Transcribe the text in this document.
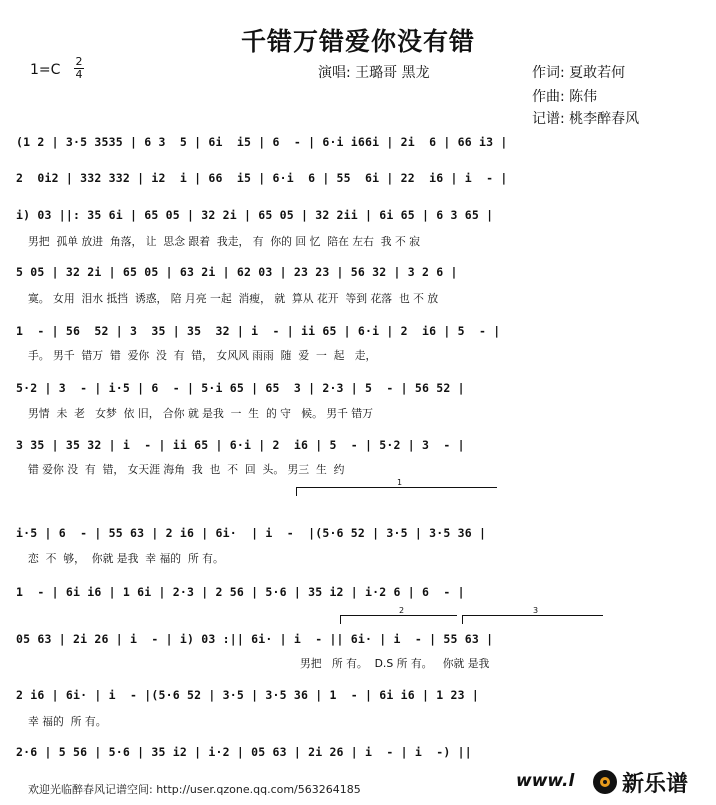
千错万错爱你没有错
1=C
2
4	演唱: 王璐哥 黑龙	作词: 夏敢若何
作曲: 陈伟
记谱: 桃李醉春风
(1 2 | 3·5 3535 | 6 3  5 | 6i  i5 | 6  - | 6·i i66i | 2i  6 | 66 i3 |
2  0i2 | 332 332 | i2  i | 66  i5 | 6·i  6 | 55  6i | 22  i6 | i  - |
i) 03 ||: 35 6i | 65 05 | 32 2i | 65 05 | 32 2ii | 6i 65 | 6 3 65 |
男把  孤单 放进  角落， 让  思念 跟着  我走， 有  你的 回 忆  陪在 左右  我 不 寂
5 05 | 32 2i | 65 05 | 63 2i | 62 03 | 23 23 | 56 32 | 3 2 6 |
寞。 女用  泪水 抵挡  诱惑， 陪 月亮 一起  消瘦， 就  算从 花开  等到 花落  也 不 放
1  - | 56  52 | 3  35 | 35  32 | i  - | ii 65 | 6·i | 2  i6 | 5  - |
手。 男千  错万  错  爱你  没  有  错， 女风风 雨雨  随  爱  一  起   走，
5·2 | 3  - | i·5 | 6  - | 5·i 65 | 65  3 | 2·3 | 5  - | 56 52 |
男情  未  老   女梦  依 旧， 合你 就 是我  一  生  的 守   候。 男千 错万
3 35 | 35 32 | i  - | ii 65 | 6·i | 2  i6 | 5  - | 5·2 | 3  - |
错 爱你 没  有  错， 女天涯 海角  我  也  不  回  头。 男三  生  约
1
i·5 | 6  - | 55 63 | 2 i6 | 6i·  | i  -  |(5·6 52 | 3·5 | 3·5 36 |
恋  不  够，  你就 是我  幸 福的  所 有。
1  - | 6i i6 | 1 6i | 2·3 | 2 56 | 5·6 | 35 i2 | i·2 6 | 6  - |
2	3
05 63 | 2i 26 | i  - | i) 03 :|| 6i· | i  - || 6i· | i  - | 55 63 |
男把   所 有。  D.S 所 有。   你就 是我
2 i6 | 6i· | i  - |(5·6 52 | 3·5 | 3·5 36 | 1  - | 6i i6 | 1 23 |
幸 福的  所 有。
2·6 | 5 56 | 5·6 | 35 i2 | i·2 | 05 63 | 2i 26 | i  - | i  -) ||
欢迎光临醉春风记谱空间: http://user.qzone.qq.com/563264185	www.l 新乐谱
